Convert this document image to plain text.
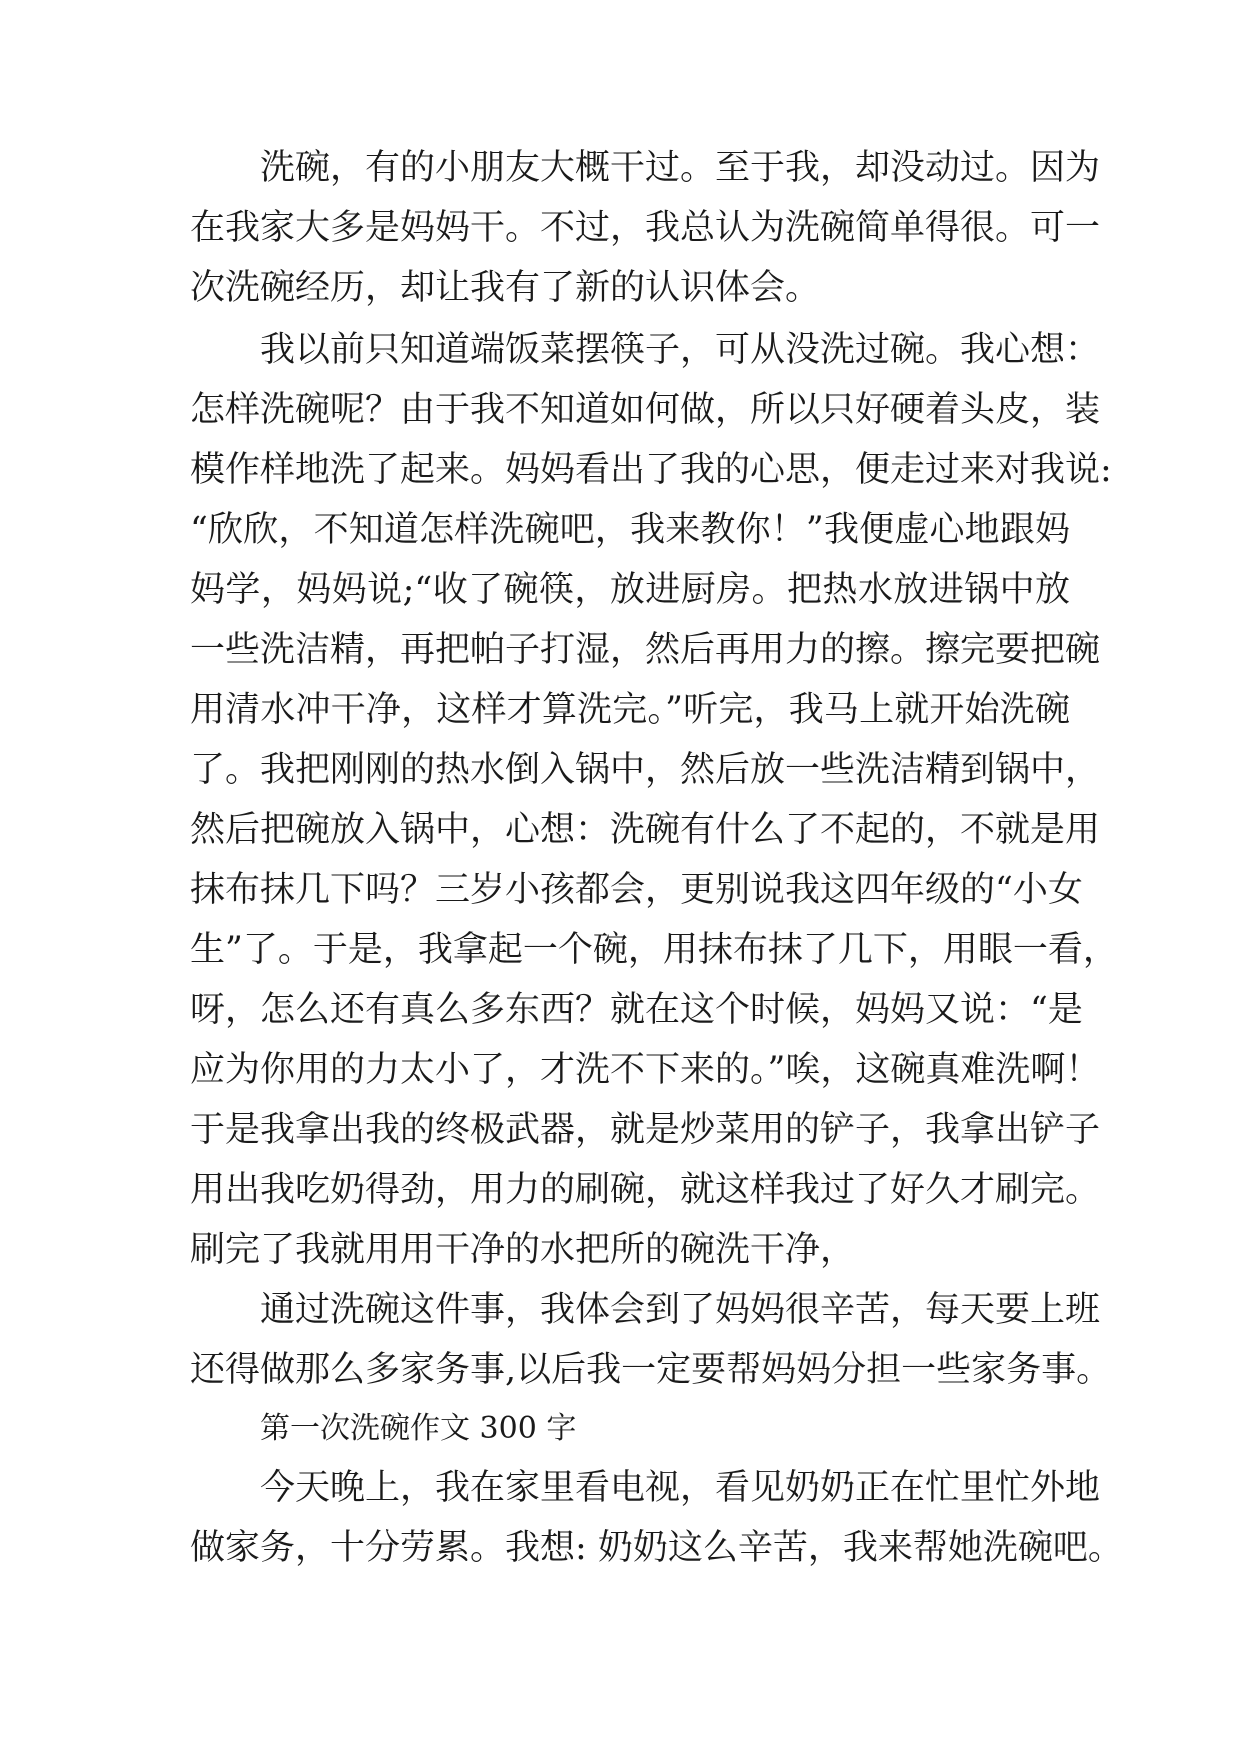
洗碗，有的小朋友大概干过。至于我，却没动过。因为

在我家大多是妈妈干。不过，我总认为洗碗简单得很。可一

次洗碗经历，却让我有了新的认识体会。

我以前只知道端饭菜摆筷子，可从没洗过碗。我心想：

怎样洗碗呢？由于我不知道如何做，所以只好硬着头皮，装

模作样地洗了起来。妈妈看出了我的心思，便走过来对我说:

“欣欣，不知道怎样洗碗吧，我来教你！”我便虚心地跟妈

妈学，妈妈说;“收了碗筷，放进厨房。把热水放进锅中放

一些洗洁精，再把帕子打湿，然后再用力的擦。擦完要把碗

用清水冲干净，这样才算洗完。”听完，我马上就开始洗碗

了。我把刚刚的热水倒入锅中，然后放一些洗洁精到锅中，

然后把碗放入锅中，心想：洗碗有什么了不起的，不就是用

抹布抹几下吗？三岁小孩都会，更别说我这四年级的“小女

生”了。于是，我拿起一个碗，用抹布抹了几下，用眼一看，

呀，怎么还有真么多东西？就在这个时候，妈妈又说：“是

应为你用的力太小了，才洗不下来的。”唉，这碗真难洗啊！

于是我拿出我的终极武器，就是炒菜用的铲子，我拿出铲子

用出我吃奶得劲，用力的刷碗，就这样我过了好久才刷完。

刷完了我就用用干净的水把所的碗洗干净，

通过洗碗这件事，我体会到了妈妈很辛苦，每天要上班

还得做那么多家务事,以后我一定要帮妈妈分担一些家务事。

第一次洗碗作文 300 字

今天晚上，我在家里看电视，看见奶奶正在忙里忙外地

做家务，十分劳累。我想: 奶奶这么辛苦，我来帮她洗碗吧。
